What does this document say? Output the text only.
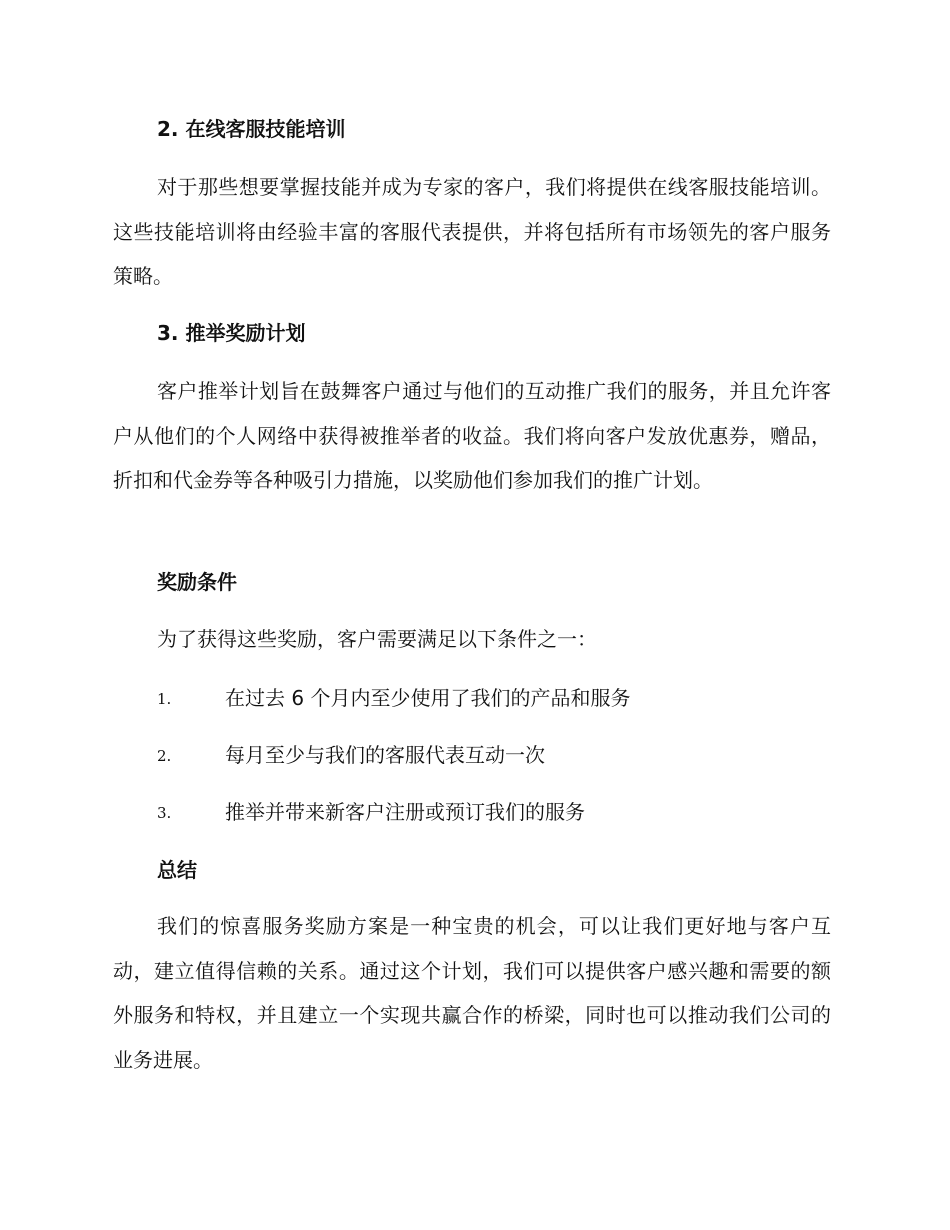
2. 在线客服技能培训

对于那些想要掌握技能并成为专家的客户，我们将提供在线客服技能培训。这些技能培训将由经验丰富的客服代表提供，并将包括所有市场领先的客户服务策略。

3. 推举奖励计划

客户推举计划旨在鼓舞客户通过与他们的互动推广我们的服务，并且允许客户从他们的个人网络中获得被推举者的收益。我们将向客户发放优惠券，赠品，折扣和代金券等各种吸引力措施，以奖励他们参加我们的推广计划。

奖励条件
为了获得这些奖励，客户需要满足以下条件之一：
1.	在过去 6 个月内至少使用了我们的产品和服务
2.	每月至少与我们的客服代表互动一次
3.	推举并带来新客户注册或预订我们的服务
总结

我们的惊喜服务奖励方案是一种宝贵的机会，可以让我们更好地与客户互动，建立值得信赖的关系。通过这个计划，我们可以提供客户感兴趣和需要的额外服务和特权，并且建立一个实现共赢合作的桥梁，同时也可以推动我们公司的业务进展。
